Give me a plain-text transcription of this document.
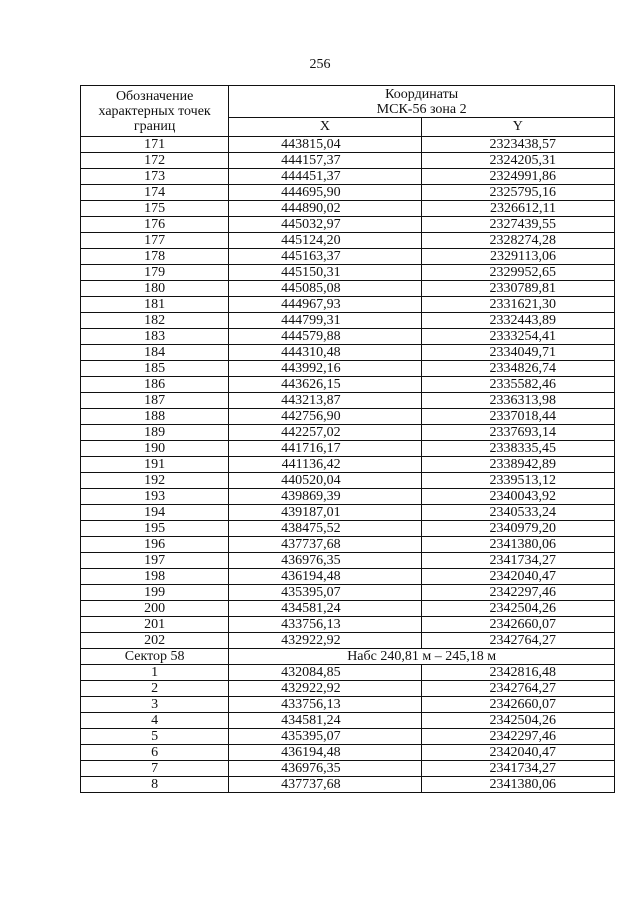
256
Обозначение
характерных точек
границ	Координаты
МСК-56 зона 2	

	X	Y
171	443815,04	2323438,57
172	444157,37	2324205,31
173	444451,37	2324991,86
174	444695,90	2325795,16
175	444890,02	2326612,11
176	445032,97	2327439,55
177	445124,20	2328274,28
178	445163,37	2329113,06
179	445150,31	2329952,65
180	445085,08	2330789,81
181	444967,93	2331621,30
182	444799,31	2332443,89
183	444579,88	2333254,41
184	444310,48	2334049,71
185	443992,16	2334826,74
186	443626,15	2335582,46
187	443213,87	2336313,98
188	442756,90	2337018,44
189	442257,02	2337693,14
190	441716,17	2338335,45
191	441136,42	2338942,89
192	440520,04	2339513,12
193	439869,39	2340043,92
194	439187,01	2340533,24
195	438475,52	2340979,20
196	437737,68	2341380,06
197	436976,35	2341734,27
198	436194,48	2342040,47
199	435395,07	2342297,46
200	434581,24	2342504,26
201	433756,13	2342660,07
202	432922,92	2342764,27
Сектор 58	Набс 240,81 м – 245,18 м	
1	432084,85	2342816,48
2	432922,92	2342764,27
3	433756,13	2342660,07
4	434581,24	2342504,26
5	435395,07	2342297,46
6	436194,48	2342040,47
7	436976,35	2341734,27
8	437737,68	2341380,06
